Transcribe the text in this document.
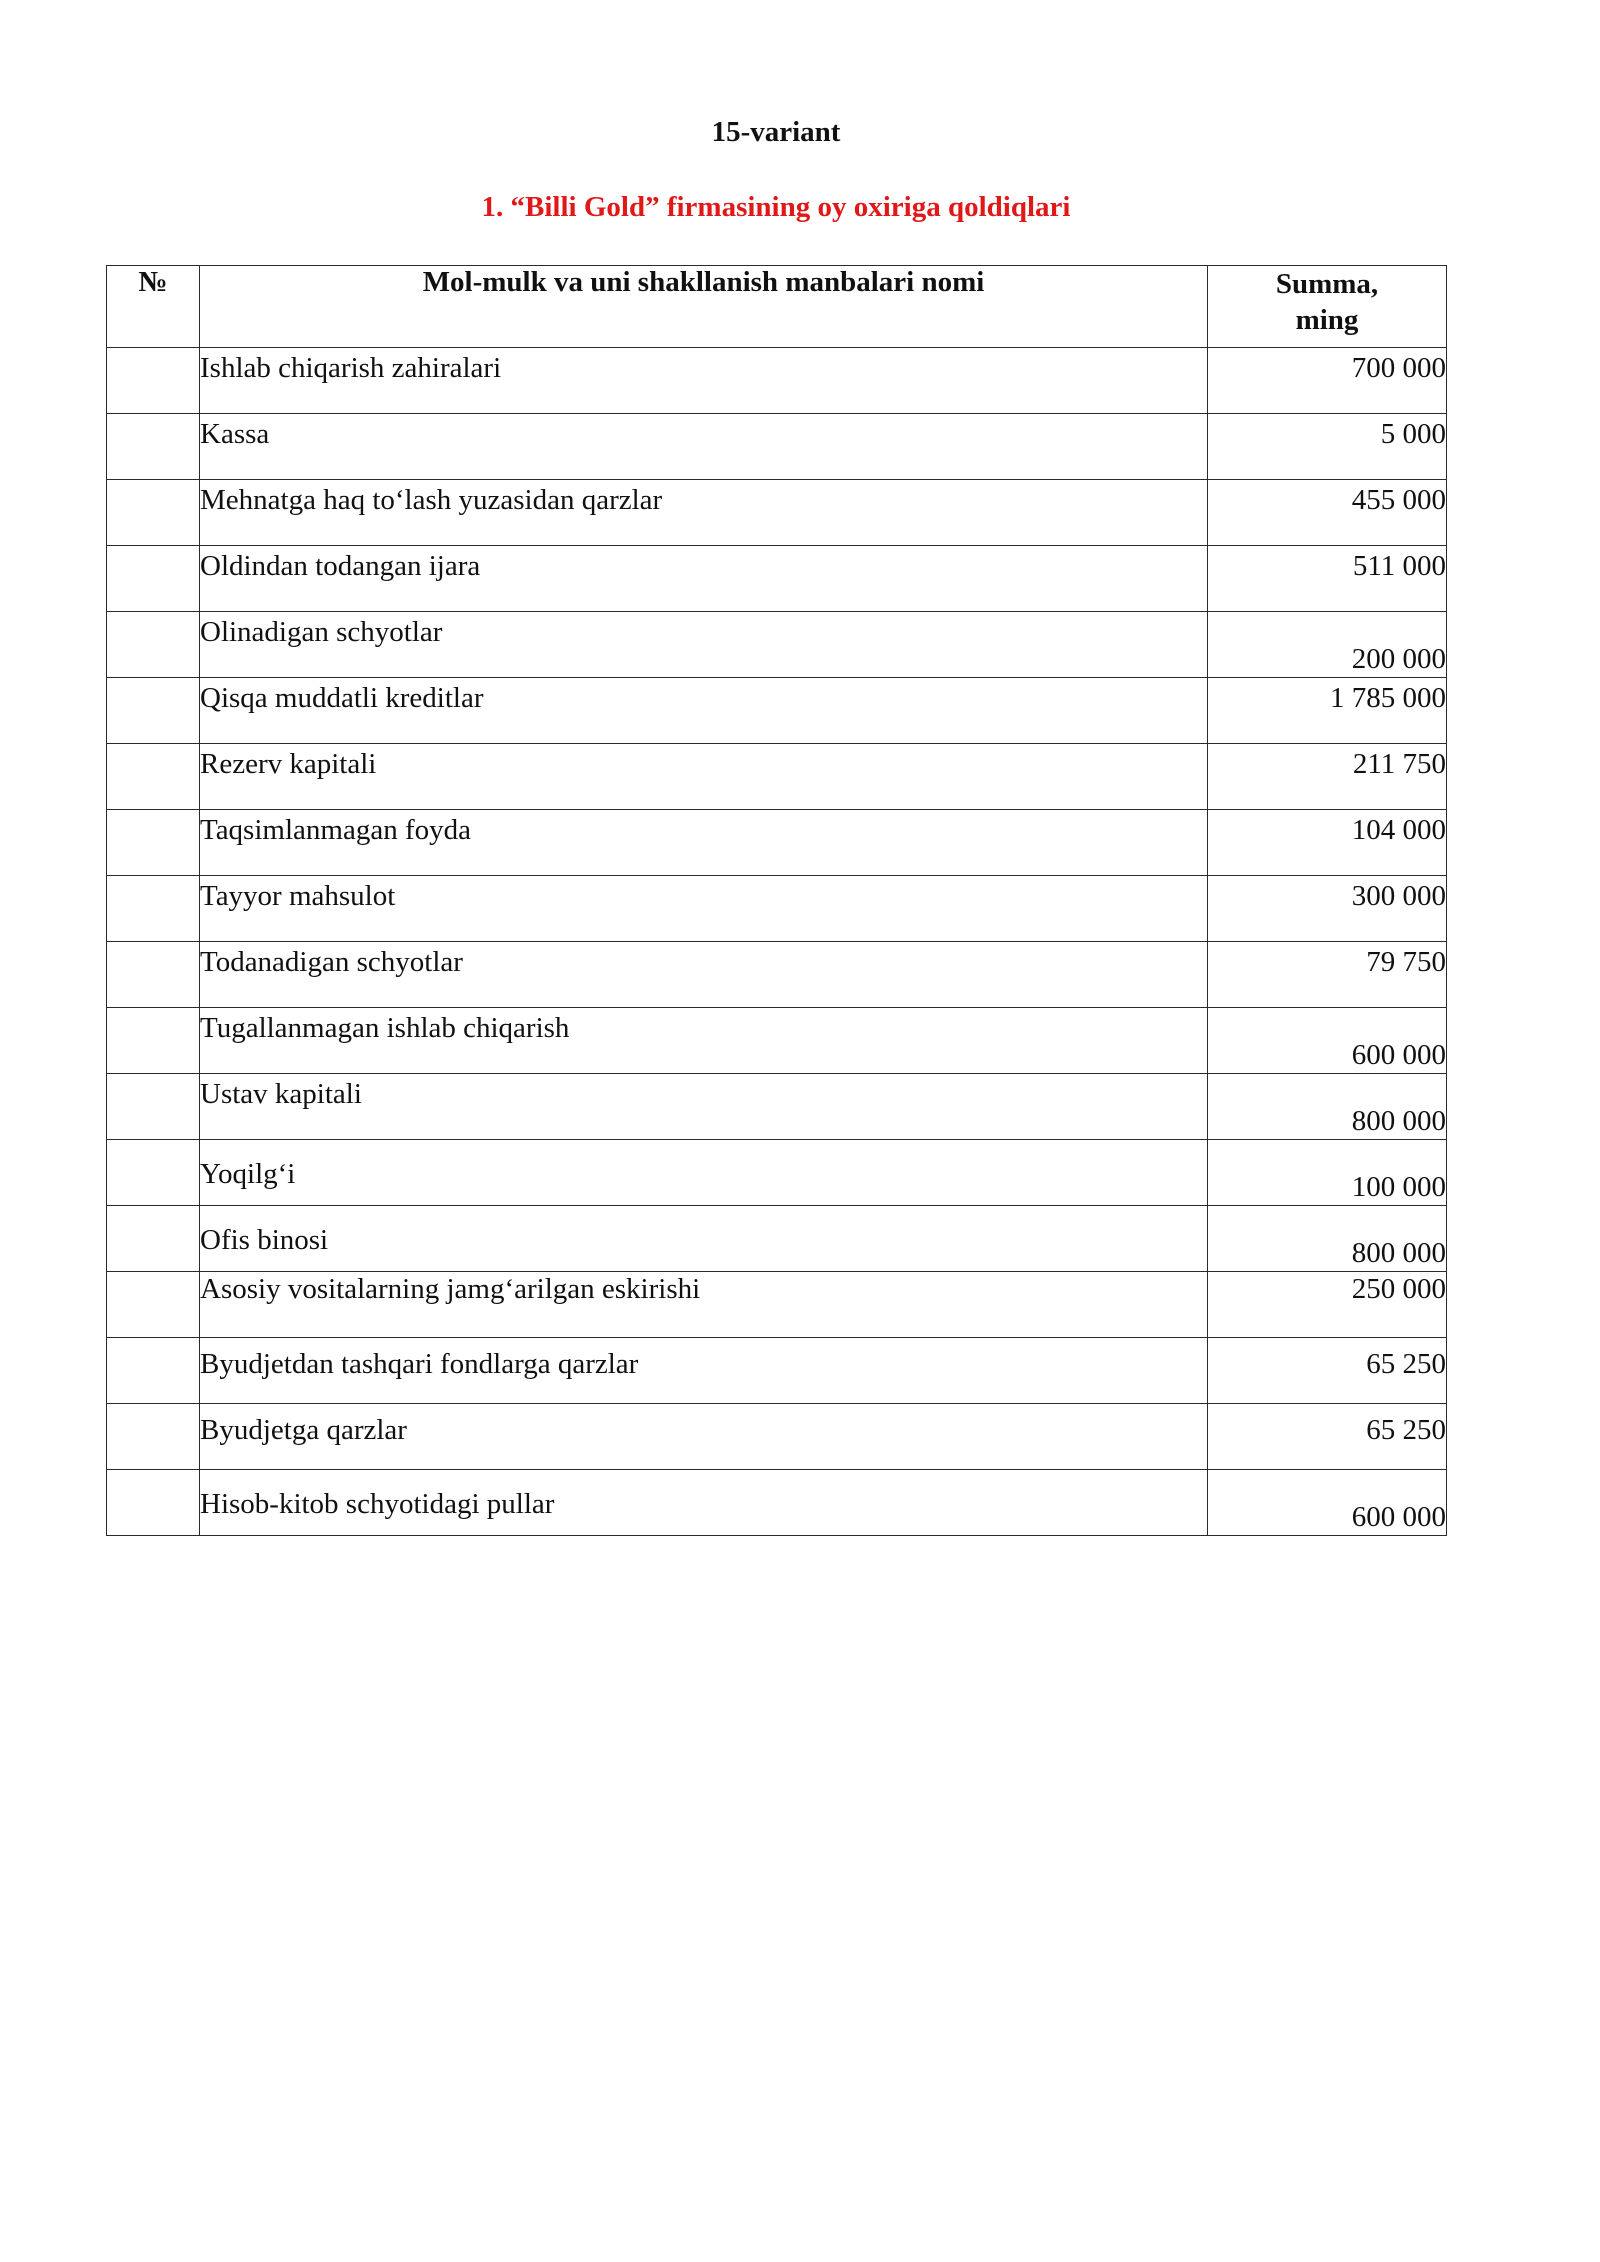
15-variant
1. “Billi Gold” firmasining oy oxiriga qoldiqlari
№	Mol-mulk va uni shakllanish manbalari nomi	Summa,
ming
	Ishlab chiqarish zahiralari	700 000
	Kassa	5 000
	Mehnatga haq to‘lash yuzasidan qarzlar	455 000
	Oldindan todangan ijara	511 000
	Olinadigan schyotlar	200 000
	Qisqa muddatli kreditlar	1 785 000
	Rezerv kapitali	211 750
	Taqsimlanmagan foyda	104 000
	Tayyor mahsulot	300 000
	Todanadigan schyotlar	79 750
	Tugallanmagan ishlab chiqarish	600 000
	Ustav kapitali	800 000
	Yoqilg‘i	100 000
	Ofis binosi	800 000
	Asosiy vositalarning jamg‘arilgan eskirishi	250 000
	Byudjetdan tashqari fondlarga qarzlar	65 250
	Byudjetga qarzlar	65 250
	Hisob-kitob schyotidagi pullar	600 000
